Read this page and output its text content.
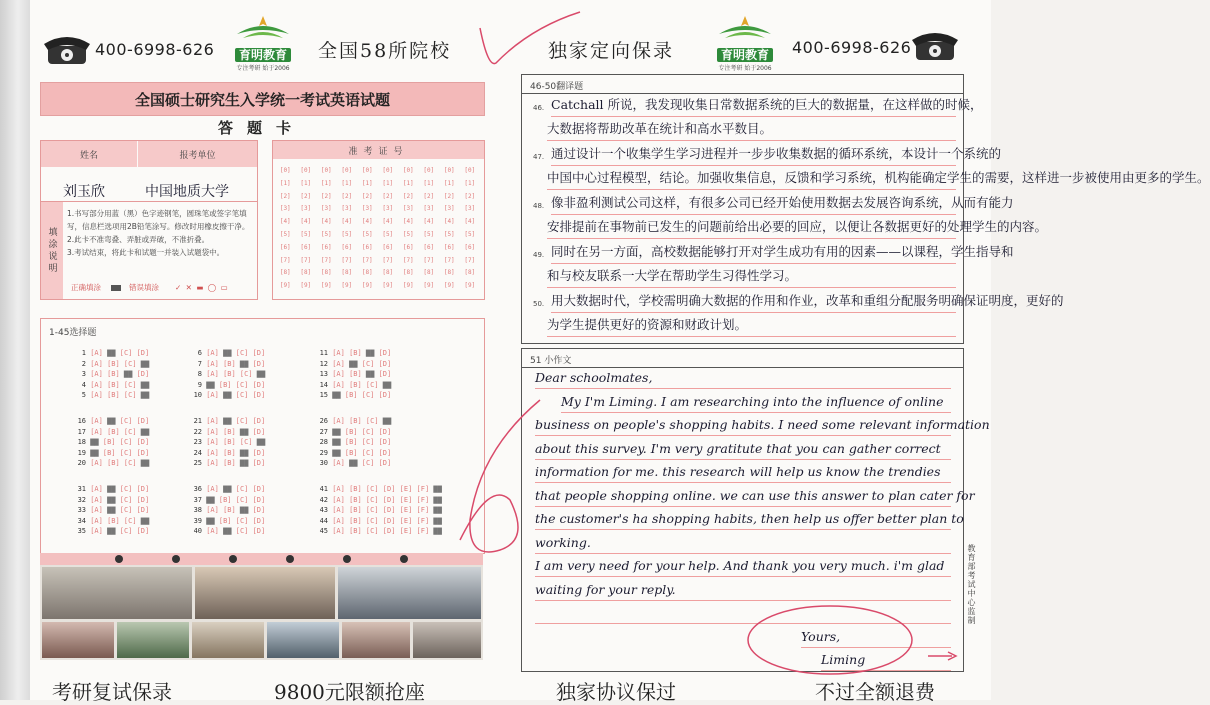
400-6998-626	育明教育
专注考研 始于2006
全国58所院校	独家定向保录	育明教育
专注考研 始于2006
400-6998-626
全国硕士研究生入学统一考试英语试题
答题卡
姓名	报考单位
刘玉欣	中国地质大学
填涂说明
1.书写部分用蓝（黑）色字迹钢笔，圆珠笔或签字笔填写，信息栏选项用2B铅笔涂写。修改时用橡皮擦干净。
2.此卡不准弯叠、弄脏或弄破，不准折叠。
3.考试结束，将此卡和试题一并装入试题袋中。
正确填涂	错误填涂 ✓ ✕ ▬ ◯ ▭
准考证号
[0]	[0]	[0]	[0]	[0]	[0]	[0]	[0]	[0]	[0]
[1]	[1]	[1]	[1]	[1]	[1]	[1]	[1]	[1]	[1]
[2]	[2]	[2]	[2]	[2]	[2]	[2]	[2]	[2]	[2]
[3]	[3]	[3]	[3]	[3]	[3]	[3]	[3]	[3]	[3]
[4]	[4]	[4]	[4]	[4]	[4]	[4]	[4]	[4]	[4]
[5]	[5]	[5]	[5]	[5]	[5]	[5]	[5]	[5]	[5]
[6]	[6]	[6]	[6]	[6]	[6]	[6]	[6]	[6]	[6]
[7]	[7]	[7]	[7]	[7]	[7]	[7]	[7]	[7]	[7]
[8]	[8]	[8]	[8]	[8]	[8]	[8]	[8]	[8]	[8]
[9]	[9]	[9]	[9]	[9]	[9]	[9]	[9]	[9]	[9]
1-45选择题
1 [A] ▇▇ [C] [D]
2 [A] [B] [C] ▇▇
3 [A] [B] ▇▇ [D]
4 [A] [B] [C] ▇▇
5 [A] [B] [C] ▇▇
16 [A] ▇▇ [C] [D]
17 [A] [B] [C] ▇▇
18 ▇▇ [B] [C] [D]
19 ▇▇ [B] [C] [D]
20 [A] [B] [C] ▇▇
31 [A] ▇▇ [C] [D]
32 [A] ▇▇ [C] [D]
33 [A] ▇▇ [C] [D]
34 [A] [B] [C] ▇▇
35 [A] ▇▇ [C] [D]
6 [A] ▇▇ [C] [D]
7 [A] [B] ▇▇ [D]
8 [A] [B] [C] ▇▇
9 ▇▇ [B] [C] [D]
10 [A] ▇▇ [C] [D]
21 [A] ▇▇ [C] [D]
22 [A] [B] ▇▇ [D]
23 [A] [B] [C] ▇▇
24 [A] [B] ▇▇ [D]
25 [A] [B] ▇▇ [D]
36 [A] ▇▇ [C] [D]
37 ▇▇ [B] [C] [D]
38 [A] [B] ▇▇ [D]
39 ▇▇ [B] [C] [D]
40 [A] ▇▇ [C] [D]
11 [A] [B] ▇▇ [D]
12 [A] ▇▇ [C] [D]
13 [A] [B] ▇▇ [D]
14 [A] [B] [C] ▇▇
15 ▇▇ [B] [C] [D]
26 [A] [B] [C] ▇▇
27 ▇▇ [B] [C] [D]
28 ▇▇ [B] [C] [D]
29 ▇▇ [B] [C] [D]
30 [A] ▇▇ [C] [D]
41 [A] [B] [C] [D] [E] [F] ▇▇
42 [A] [B] [C] [D] [E] [F] ▇▇
43 [A] [B] [C] [D] [E] [F] ▇▇
44 [A] [B] [C] [D] [E] [F] ▇▇
45 [A] [B] [C] [D] [E] [F] ▇▇
46-50翻译题
46. Catchall 所说，我发现收集日常数据系统的巨大的数据量，在这样做的时候，
大数据将帮助改革在统计和高水平数目。
47. 通过设计一个收集学生学习进程并一步步收集数据的循环系统，本设计一个系统的
中国中心过程模型，结论。加强收集信息，反馈和学习系统，机构能确定学生的需要，这样进一步被使用由更多的学生。
48. 像非盈利测试公司这样，有很多公司已经开始使用数据去发展咨询系统，从而有能力
安排提前在事物前已发生的问题前给出必要的回应，以便让各数据更好的处理学生的内容。
49. 同时在另一方面，高校数据能够打开对学生成功有用的因素——以课程，学生指导和
和与校友联系一大学在帮助学生习得性学习。
50. 用大数据时代，学校需明确大数据的作用和作业，改革和重组分配服务明确保证明度，更好的
为学生提供更好的资源和财政计划。
51 小作文
Dear schoolmates,
My I'm Liming. I am researching into the influence of online
business on people's shopping habits. I need some relevant information
about this survey. I'm very gratitute that you can gather correct
information for me. this research will help us know the trendies
that people shopping online. we can use this answer to plan cater for
the customer's ha shopping habits, then help us offer better plan to
working.
I am very need for your help. And thank you very much. i'm glad
waiting for your reply.
Yours,
Liming
教育部考试中心监制
考研复试保录	9800元限额抢座	独家协议保过	不过全额退费
